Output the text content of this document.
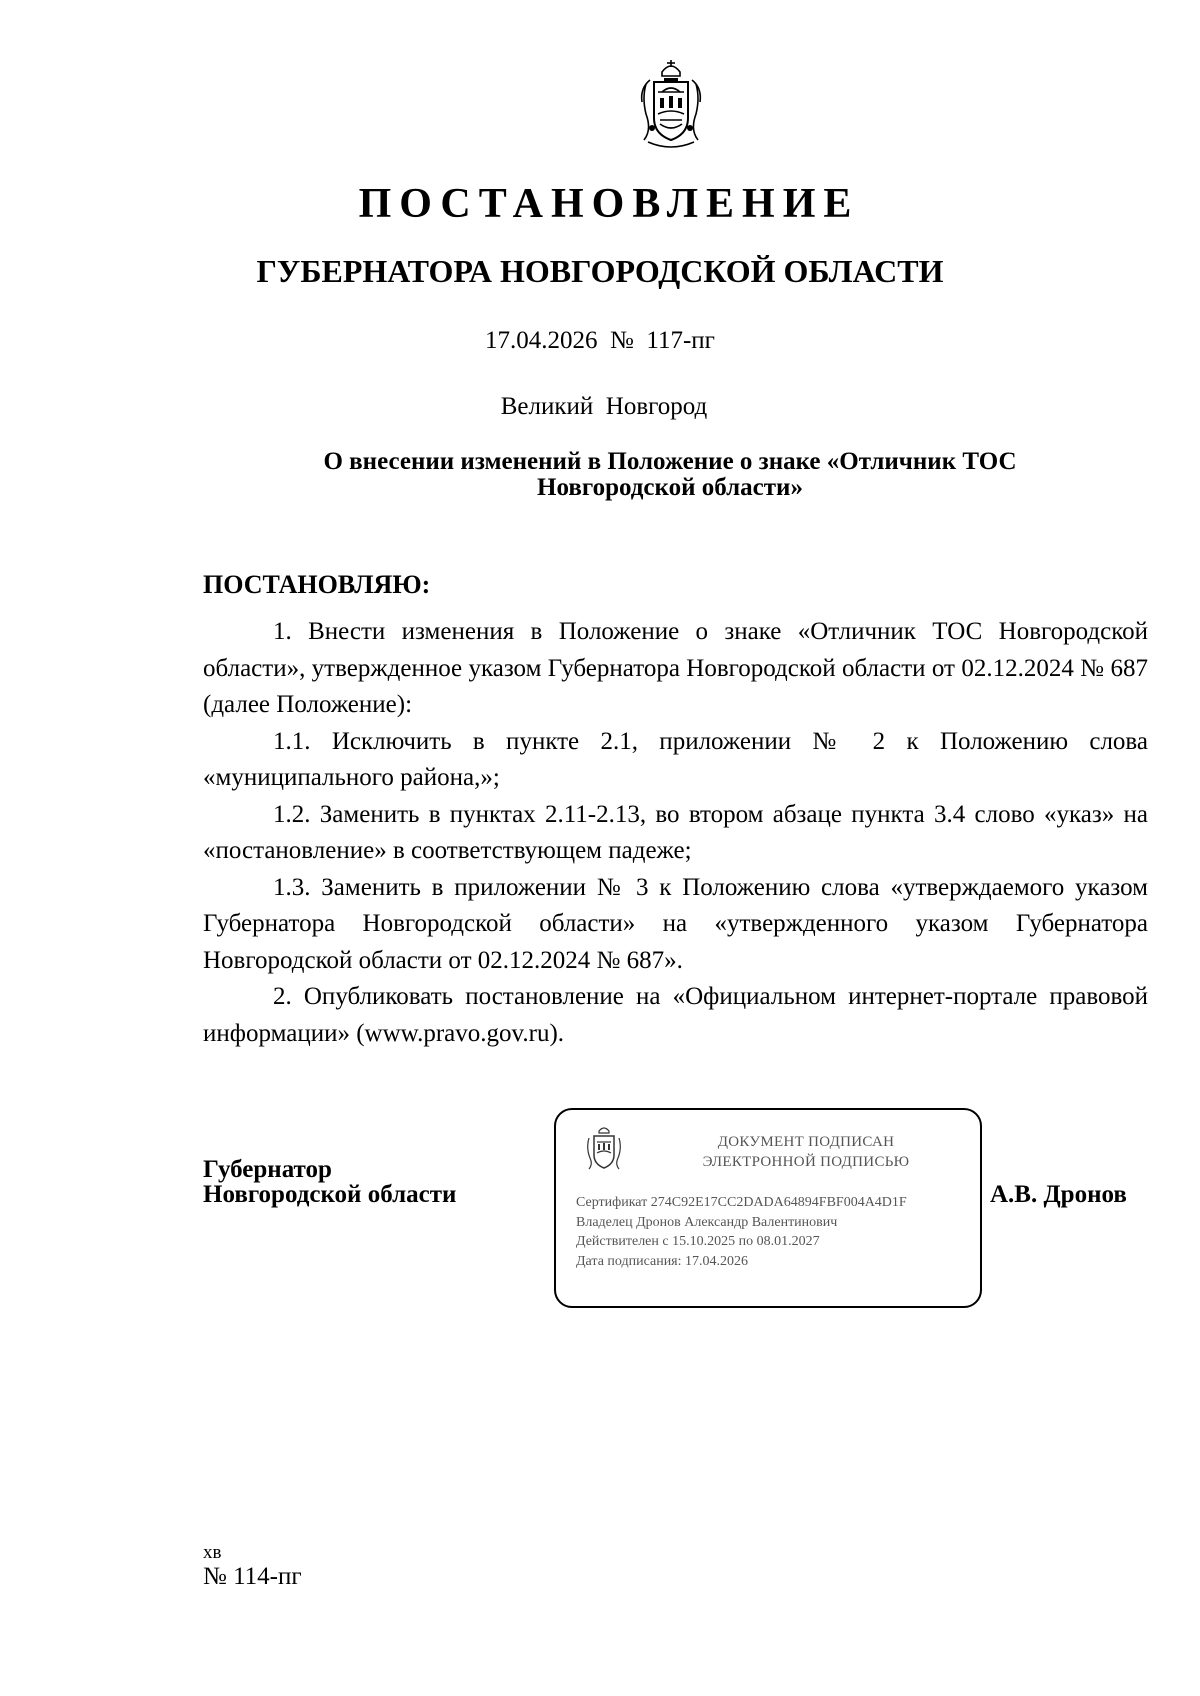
ПОСТАНОВЛЕНИЕ
ГУБЕРНАТОРА НОВГОРОДСКОЙ ОБЛАСТИ
17.04.2026 № 117-пг
Великий  Новгород
О внесении изменений в Положение о знаке «Отличник ТОС
Новгородской области»
ПОСТАНОВЛЯЮ:

1. Внести изменения в Положение о знаке «Отличник ТОС Новгородской области», утвержденное указом Губернатора Новгородской области от 02.12.2024 № 687 (далее Положение):

1.1. Исключить в пункте 2.1, приложении № 2 к Положению слова «муниципального района,»;

1.2. Заменить в пунктах 2.11-2.13, во втором абзаце пункта 3.4 слово «указ» на «постановление» в соответствующем падеже;

1.3. Заменить в приложении № 3 к Положению слова «утверждаемого указом Губернатора Новгородской области» на «утвержденного указом Губернатора Новгородской области от 02.12.2024 № 687».

2. Опубликовать постановление на «Официальном интернет-портале правовой информации» (www.pravo.gov.ru).

Губернатор
Новгородской области
ДОКУМЕНТ ПОДПИСАН
ЭЛЕКТРОННОЙ ПОДПИСЬЮ
Сертификат 274C92E17CC2DADA64894FBF004A4D1F
Владелец Дронов Александр Валентинович
Действителен с 15.10.2025 по 08.01.2027
Дата подписания: 17.04.2026
А.В. Дронов
хв
№ 114-пг
